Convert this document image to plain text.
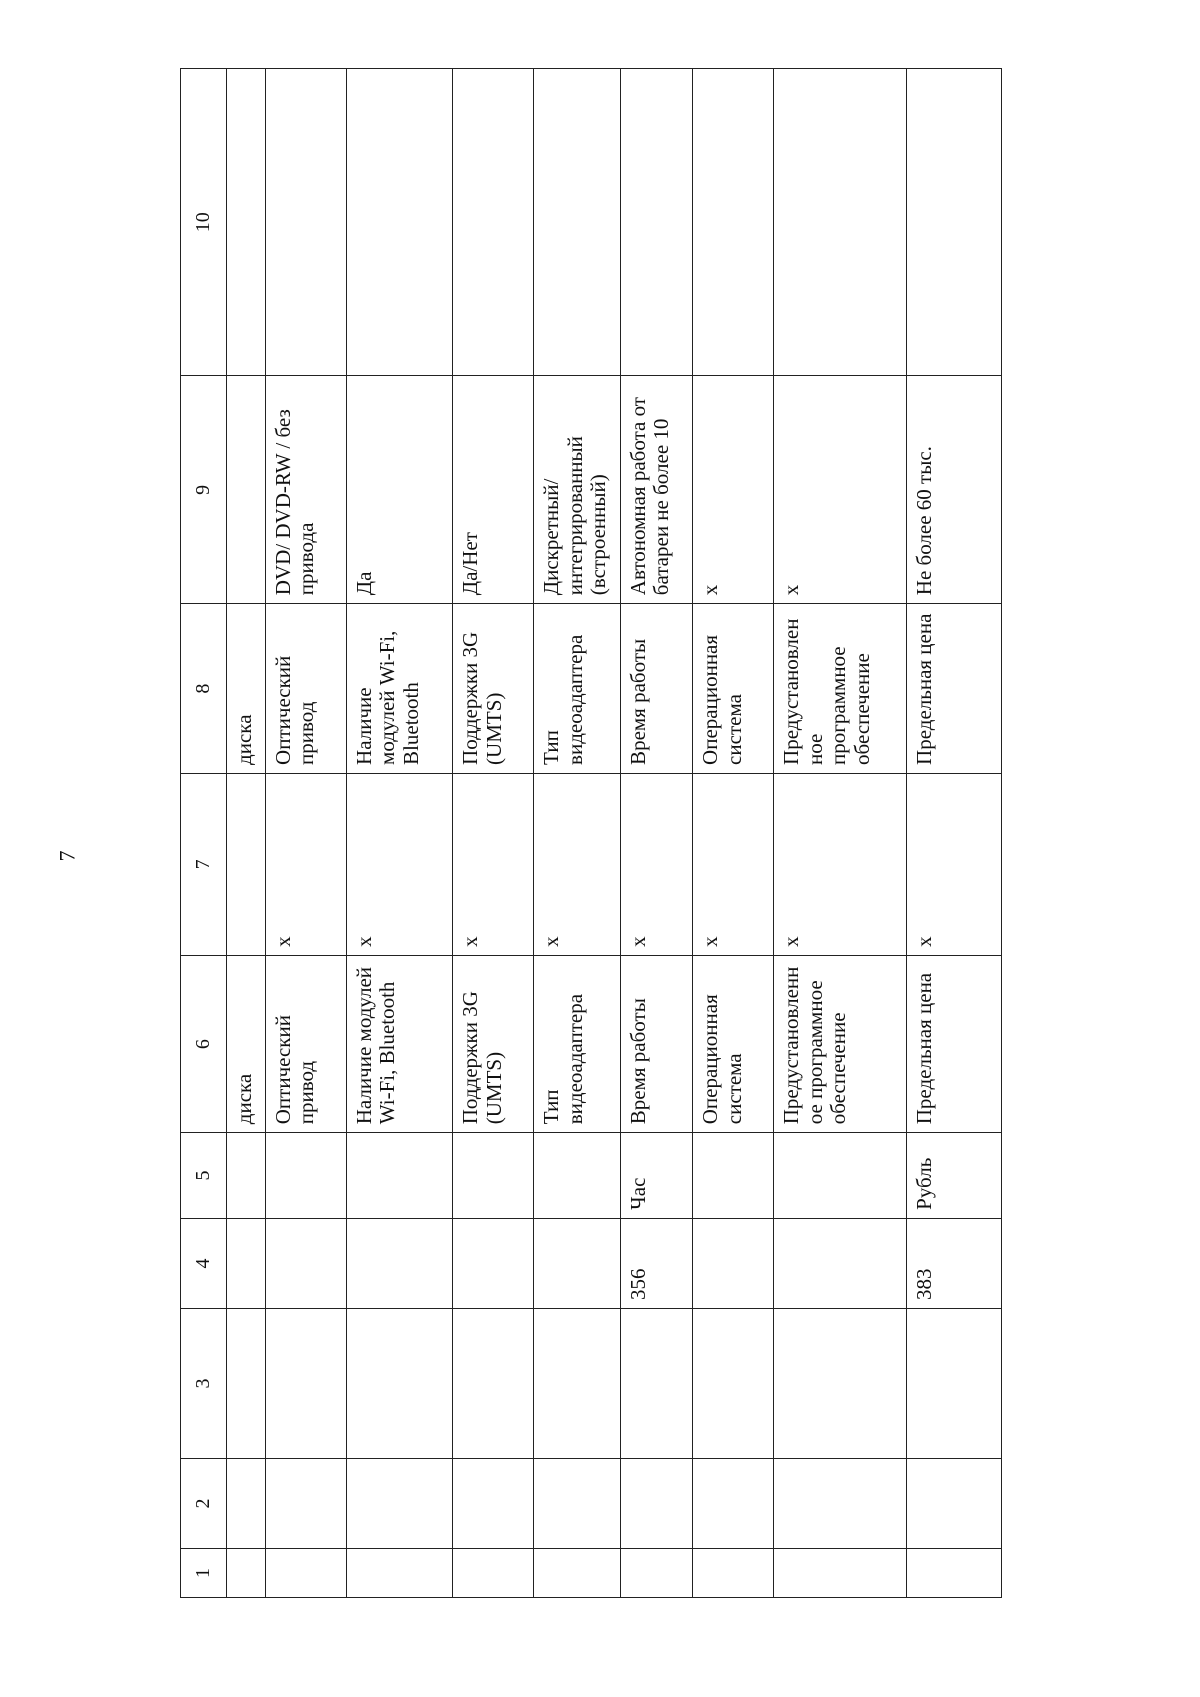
7
1	2	3	4	5	6	7	8	9	10
					диска		диска		
					Оптический привод	х	Оптический привод	DVD/ DVD-RW / без привода	
					Наличие модулей Wi-Fi, Bluetooth	х	Наличие модулей Wi-Fi, Bluetooth	Да	
					Поддержки 3G (UMTS)	х	Поддержки 3G (UMTS)	Да/Нет	
					Тип видеоадаптера	х	Тип видеоадаптера	Дискретный/интегрированный (встроенный)	
			356	Час	Время работы	х	Время работы	Автономная работа от батареи не более 10	
					Операционная система	х	Операционная система	х	
					Предустановленное программное обеспечение	х	Предустановленное программное обеспечение	х	
			383	Рубль	Предельная цена	х	Предельная цена	Не более 60 тыс.	
